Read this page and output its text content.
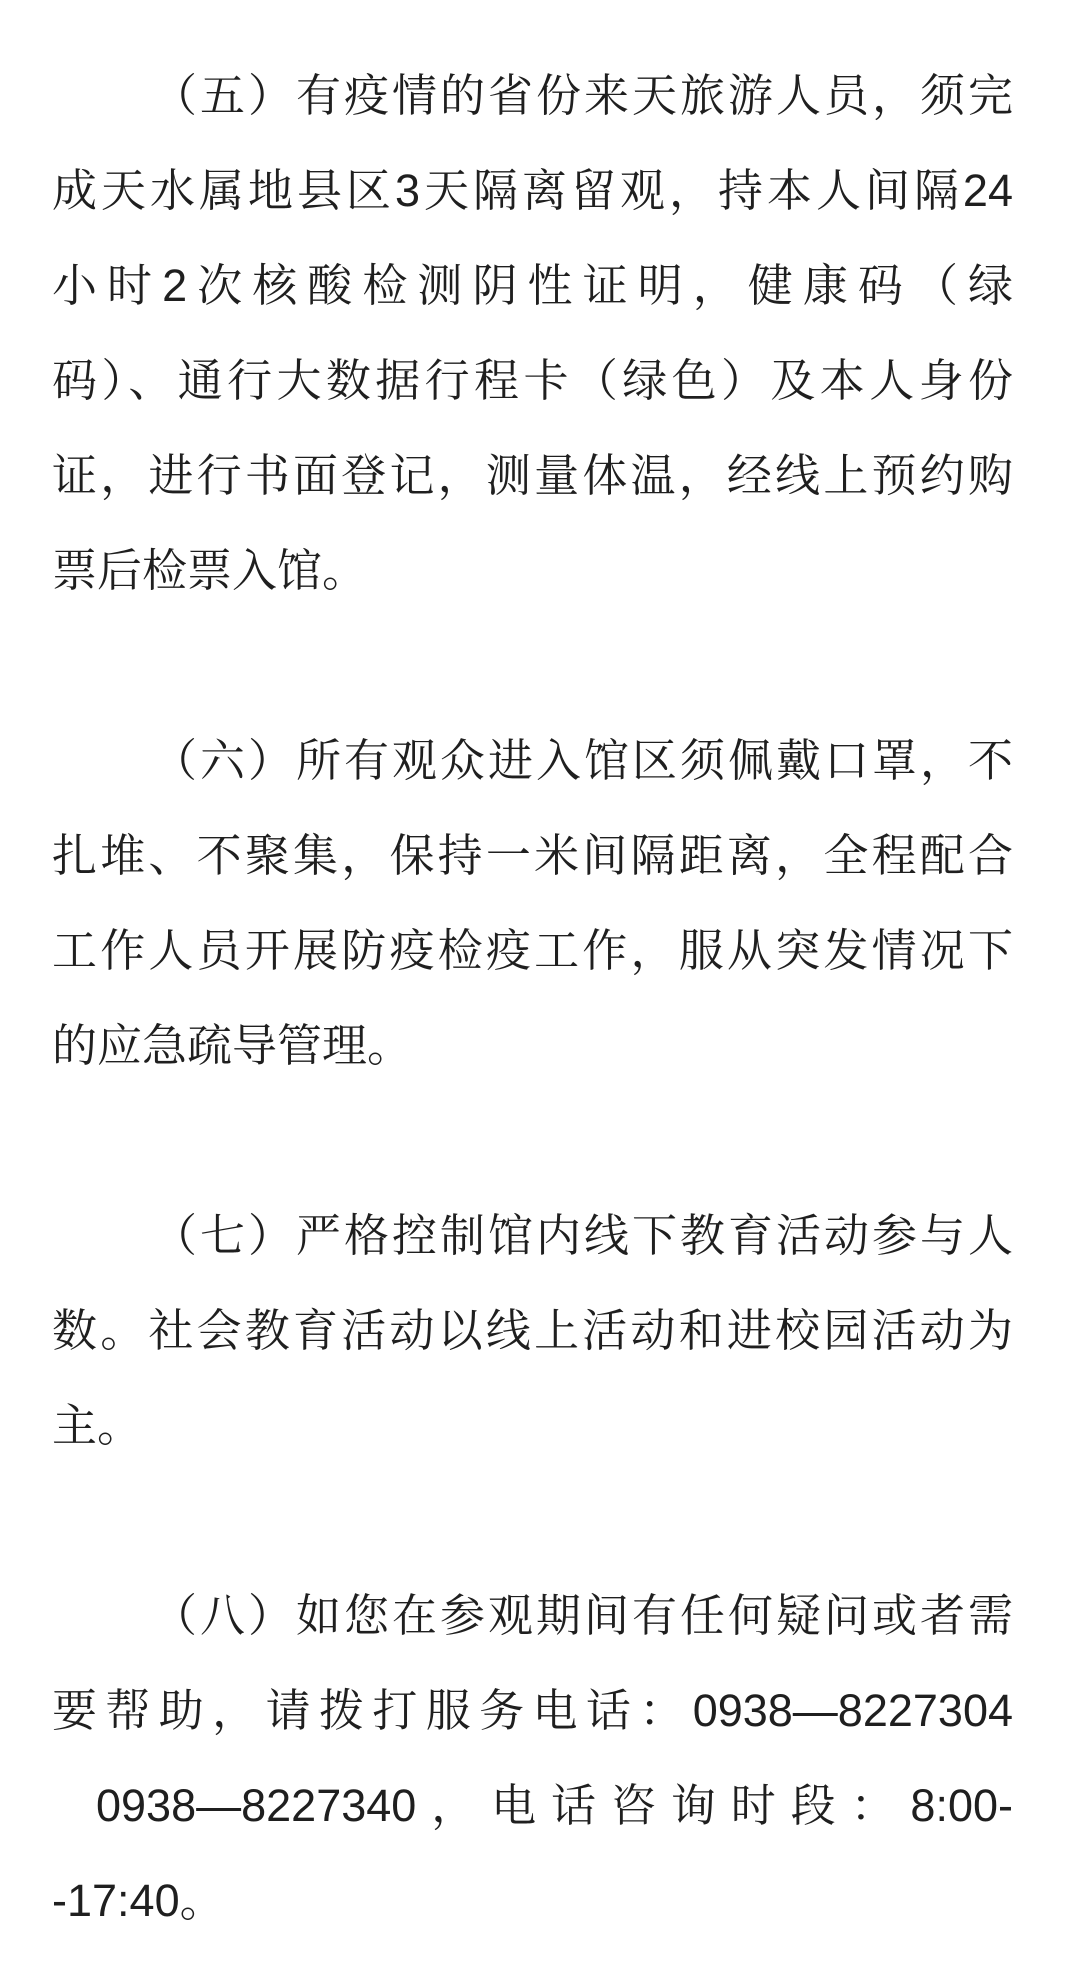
（五）有疫情的省份来天旅游人员，须完
成天水属地县区3天隔离留观，持本人间隔24
小时2次核酸检测阴性证明，健康码（绿
码）、通行大数据行程卡（绿色）及本人身份
证，进行书面登记，测量体温，经线上预约购
票后检票入馆。

（六）所有观众进入馆区须佩戴口罩，不
扎堆、不聚集，保持一米间隔距离，全程配合
工作人员开展防疫检疫工作，服从突发情况下
的应急疏导管理。

（七）严格控制馆内线下教育活动参与人
数。社会教育活动以线上活动和进校园活动为
主。

（八）如您在参观期间有任何疑问或者需
要帮助，请拨打服务电话：0938—8227304
0938—8227340，电话咨询时段：8:00-
-17:40。
